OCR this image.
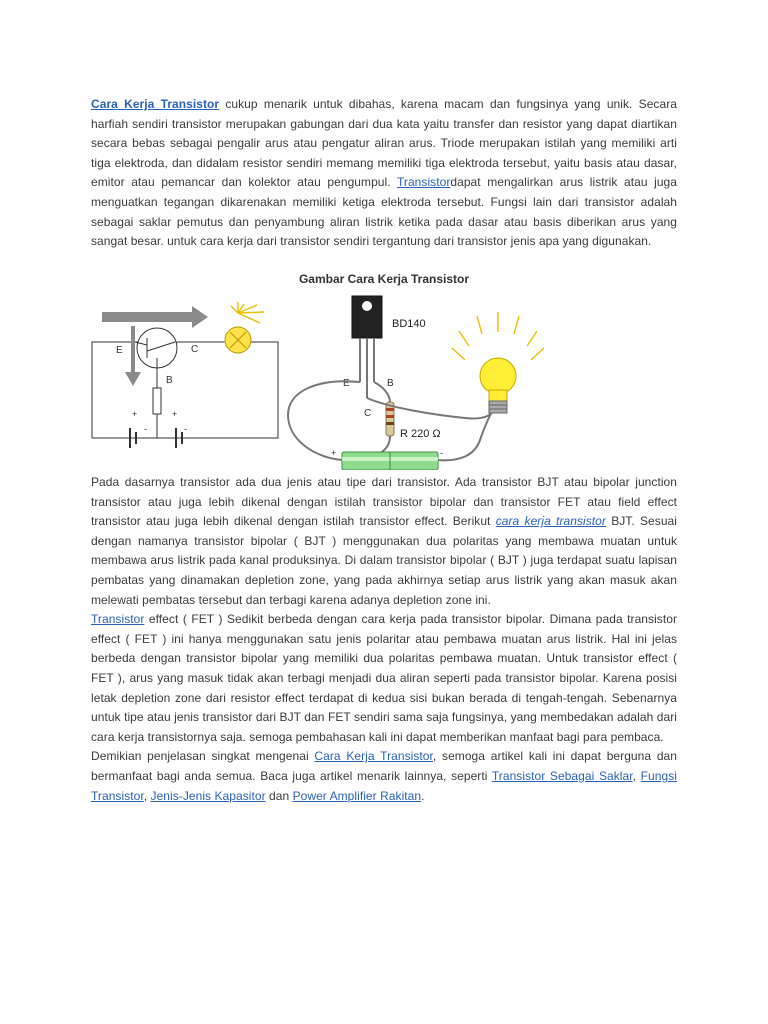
Cara Kerja Transistor cukup menarik untuk dibahas, karena macam dan fungsinya yang unik. Secara harfiah sendiri transistor merupakan gabungan dari dua kata yaitu transfer dan resistor yang dapat diartikan secara bebas sebagai pengalir arus atau pengatur aliran arus. Triode merupakan istilah yang memiliki arti tiga elektroda, dan didalam resistor sendiri memang memiliki tiga elektroda tersebut, yaitu basis atau dasar, emitor atau pemancar dan kolektor atau pengumpul. Transistordapat mengalirkan arus listrik atau juga menguatkan tegangan dikarenakan memiliki ketiga elektroda tersebut. Fungsi lain dari transistor adalah sebagai saklar pemutus dan penyambung aliran listrik ketika pada dasar atau basis diberikan arus yang sangat besar. untuk cara kerja dari transistor sendiri tergantung dari transistor jenis apa yang digunakan.

Gambar Cara Kerja Transistor
E	C
B
+
-
+
-
BD140
E	B
C
R 220 Ω
+	-

Pada dasarnya transistor ada dua jenis atau tipe dari transistor. Ada transistor BJT atau bipolar junction transistor atau juga lebih dikenal dengan istilah transistor bipolar dan transistor FET atau field effect transistor atau juga lebih dikenal dengan istilah transistor effect. Berikut cara kerja transistor BJT. Sesuai dengan namanya transistor bipolar ( BJT ) menggunakan dua polaritas yang membawa muatan untuk membawa arus listrik pada kanal produksinya. Di dalam transistor bipolar ( BJT ) juga terdapat suatu lapisan pembatas yang dinamakan depletion zone, yang pada akhirnya setiap arus listrik yang akan masuk akan melewati pembatas tersebut dan terbagi karena adanya depletion zone ini.

Transistor effect ( FET ) Sedikit berbeda dengan cara kerja pada transistor bipolar. Dimana pada transistor effect ( FET ) ini hanya menggunakan satu jenis polaritar atau pembawa muatan arus listrik. Hal ini jelas berbeda dengan transistor bipolar yang memiliki dua polaritas pembawa muatan. Untuk transistor effect ( FET ), arus yang masuk tidak akan terbagi menjadi dua aliran seperti pada transistor bipolar. Karena posisi letak depletion zone dari resistor effect terdapat di kedua sisi bukan berada di tengah-tengah. Sebenarnya untuk tipe atau jenis transistor dari BJT dan FET sendiri sama saja fungsinya, yang membedakan adalah dari cara kerja transistornya saja. semoga pembahasan kali ini dapat memberikan manfaat bagi para pembaca.

Demikian penjelasan singkat mengenai Cara Kerja Transistor, semoga artikel kali ini dapat berguna dan bermanfaat bagi anda semua. Baca juga artikel menarik lainnya, seperti Transistor Sebagai Saklar, Fungsi Transistor, Jenis-Jenis Kapasitor dan Power Amplifier Rakitan.
